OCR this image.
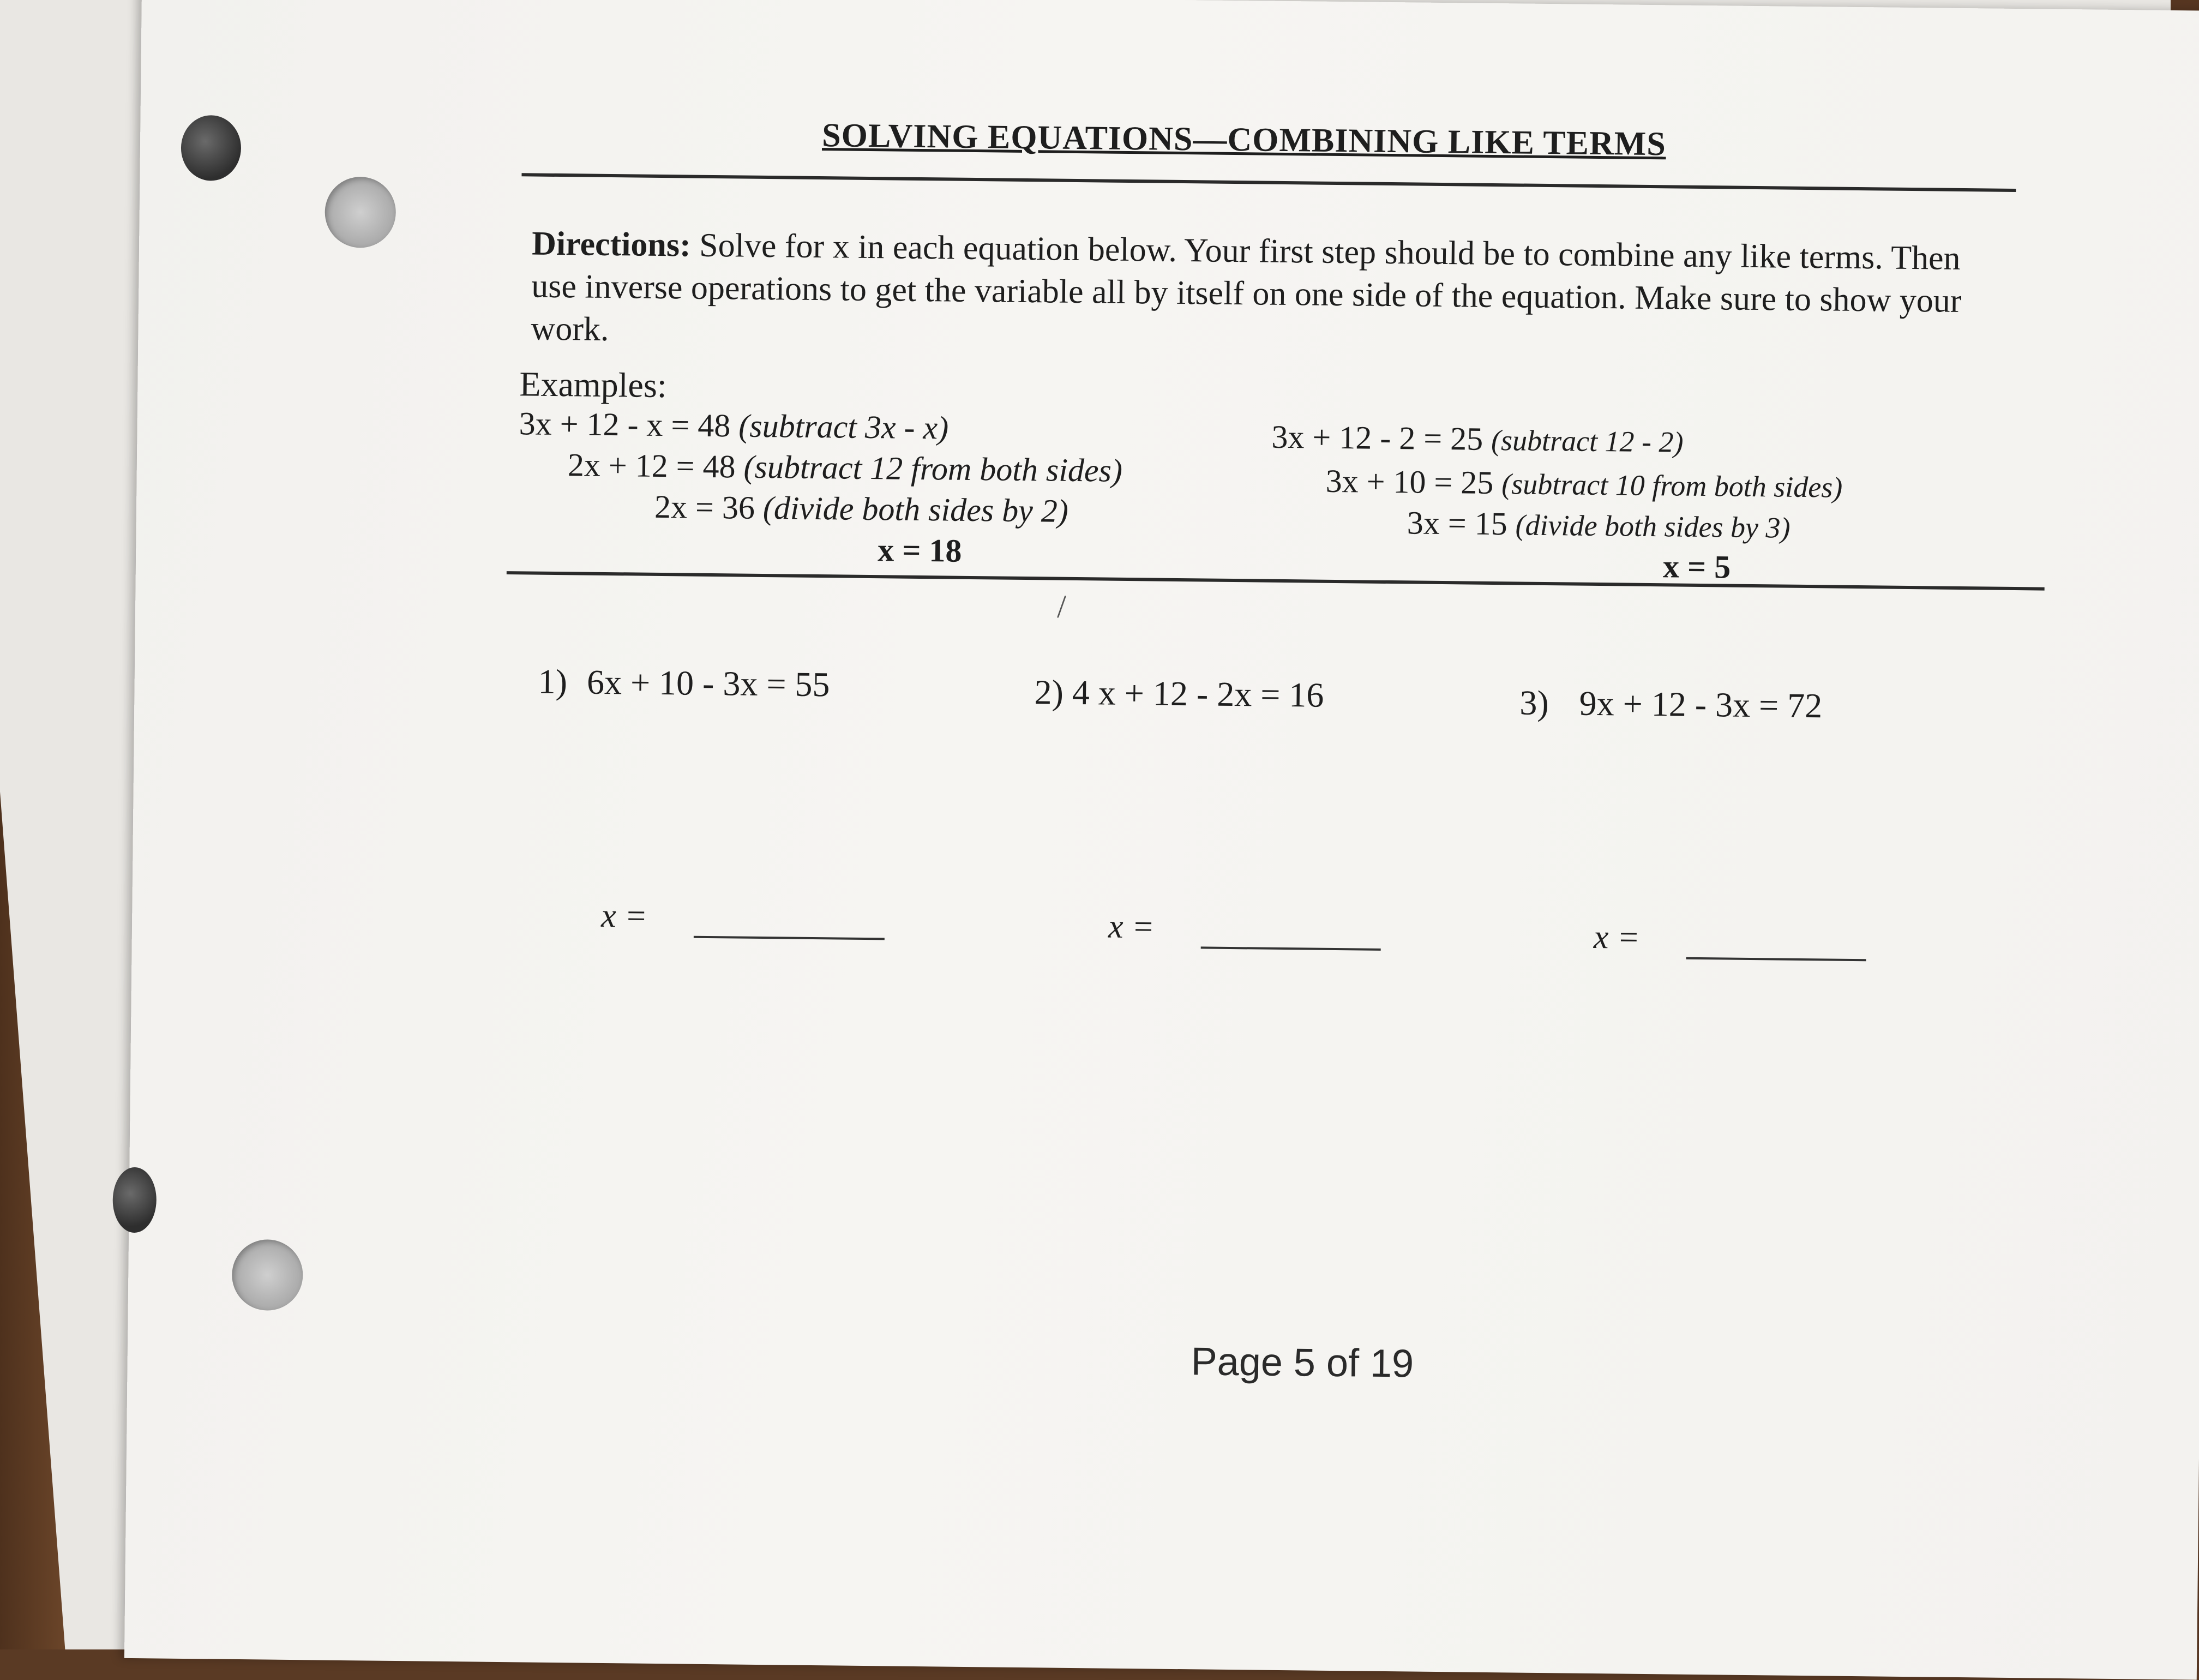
SOLVING EQUATIONS—COMBINING LIKE TERMS
Directions: Solve for x in each equation below. Your first step should be to combine any like terms. Then use inverse operations to get the variable all by itself on one side of the equation. Make sure to show your work.
Examples:
3x + 12 - x = 48 (subtract 3x - x)
2x + 12 = 48 (subtract 12 from both sides)
2x = 36 (divide both sides by 2)
x = 18
3x + 12 - 2 = 25 (subtract 12 - 2)
3x + 10 = 25 (subtract 10 from both sides)
3x = 15 (divide both sides by 3)
x = 5
/
1) 6x + 10 - 3x = 55	2) 4 x + 12 - 2x = 16	3) 9x + 12 - 3x = 72
x =	x =	x =
Page 5 of 19
